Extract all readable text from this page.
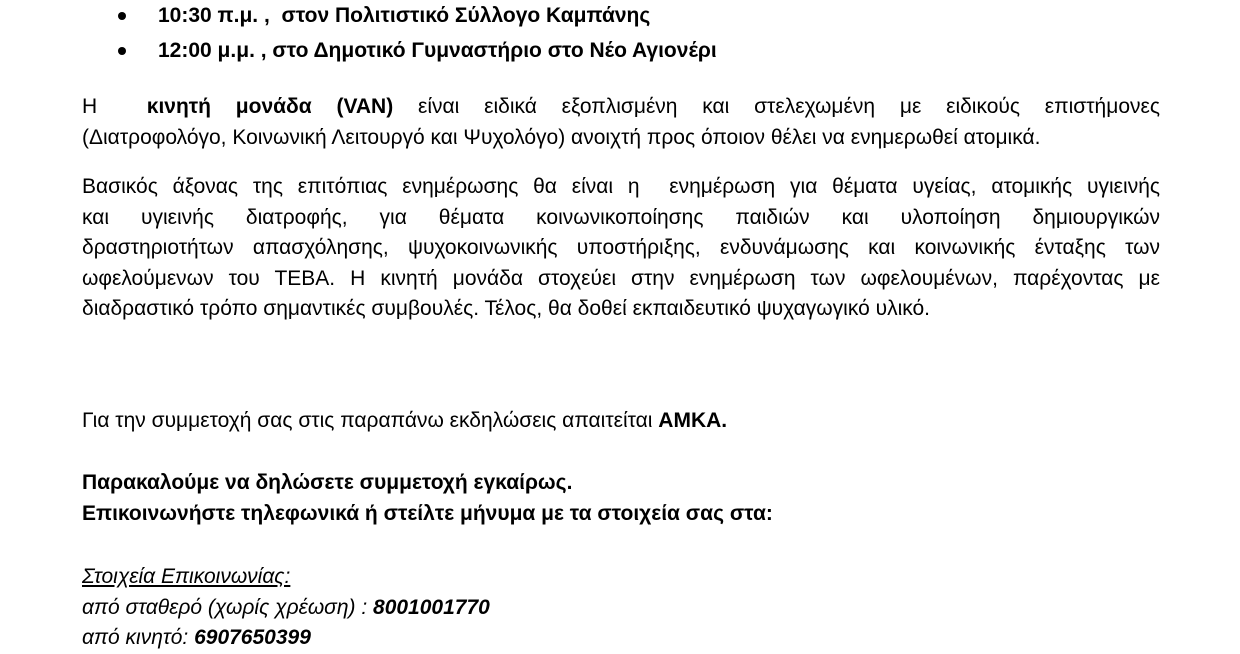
10:30 π.μ. ,  στον Πολιτιστικό Σύλλογο Καμπάνης
12:00 μ.μ. , στο Δημοτικό Γυμναστήριο στο Νέο Αγιονέρι
Η  κινητή μονάδα (VAN) είναι ειδικά εξοπλισμένη και στελεχωμένη με ειδικούς επιστήμονες
(Διατροφολόγο, Κοινωνική Λειτουργό και Ψυχολόγο) ανοιχτή προς όποιον θέλει να ενημερωθεί ατομικά.
Βασικός άξονας της επιτόπιας ενημέρωσης θα είναι η  ενημέρωση για θέματα υγείας, ατομικής υγιεινής
και υγιεινής διατροφής, για θέματα κοινωνικοποίησης παιδιών και υλοποίηση δημιουργικών
δραστηριοτήτων απασχόλησης, ψυχοκοινωνικής υποστήριξης, ενδυνάμωσης και κοινωνικής ένταξης των
ωφελούμενων του ΤΕΒΑ. Η κινητή μονάδα στοχεύει στην ενημέρωση των ωφελουμένων, παρέχοντας με
διαδραστικό τρόπο σημαντικές συμβουλές. Τέλος, θα δοθεί εκπαιδευτικό ψυχαγωγικό υλικό.
Για την συμμετοχή σας στις παραπάνω εκδηλώσεις απαιτείται ΑΜΚΑ.
Παρακαλούμε να δηλώσετε συμμετοχή εγκαίρως.
Επικοινωνήστε τηλεφωνικά ή στείλτε μήνυμα με τα στοιχεία σας στα:
Στοιχεία Επικοινωνίας:
από σταθερό (χωρίς χρέωση) : 8001001770
από κινητό: 6907650399
